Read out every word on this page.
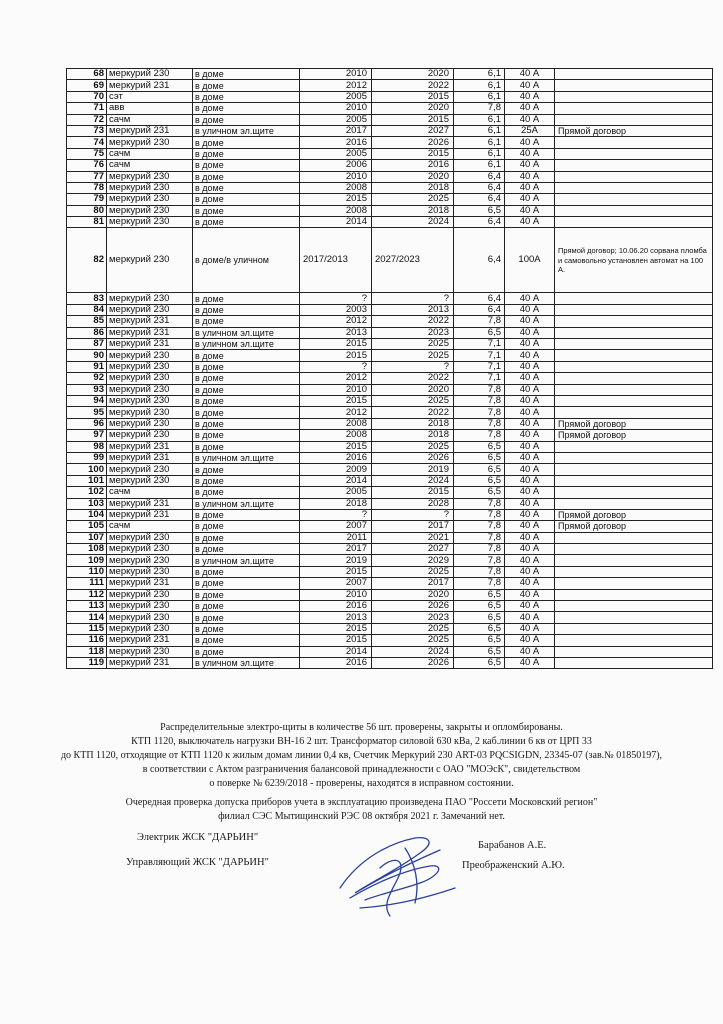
68	меркурий 230	в доме	2010	2020	6,1	40 А	
69	меркурий 231	в доме	2012	2022	6,1	40 А	
70	сэт	в доме	2005	2015	6,1	40 А	
71	авв	в доме	2010	2020	7,8	40 А	
72	сачм	в доме	2005	2015	6,1	40 А	
73	меркурий 231	в уличном эл.щите	2017	2027	6,1	25А	Прямой договор
74	меркурий 230	в доме	2016	2026	6,1	40 А	
75	сачм	в доме	2005	2015	6,1	40 А	
76	сачм	в доме	2006	2016	6,1	40 А	
77	меркурий 230	в доме	2010	2020	6,4	40 А	
78	меркурий 230	в доме	2008	2018	6,4	40 А	
79	меркурий 230	в доме	2015	2025	6,4	40 А	
80	меркурий 230	в доме	2008	2018	6,5	40 А	
81	меркурий 230	в доме	2014	2024	6,4	40 А	
82	меркурий 230	в доме/в уличном	2017/2013	2027/2023	6,4	100А	Прямой договор; 10.06.20 сорвана пломба и самовольно установлен автомат на 100 А.
83	меркурий 230	в доме	?	?	6,4	40 А	
84	меркурий 230	в доме	2003	2013	6,4	40 А	
85	меркурий 231	в доме	2012	2022	7,8	40 А	
86	меркурий 231	в уличном эл.щите	2013	2023	6,5	40 А	
87	меркурий 231	в уличном эл.щите	2015	2025	7,1	40 А	
90	меркурий 230	в доме	2015	2025	7,1	40 А	
91	меркурий 230	в доме	?	?	7,1	40 А	
92	меркурий 230	в доме	2012	2022	7,1	40 А	
93	меркурий 230	в доме	2010	2020	7,8	40 А	
94	меркурий 230	в доме	2015	2025	7,8	40 А	
95	меркурий 230	в доме	2012	2022	7,8	40 А	
96	меркурий 230	в доме	2008	2018	7,8	40 А	Прямой договор
97	меркурий 230	в доме	2008	2018	7,8	40 А	Прямой договор
98	меркурий 231	в доме	2015	2025	6,5	40 А	
99	меркурий 231	в уличном эл.щите	2016	2026	6,5	40 А	
100	меркурий 230	в доме	2009	2019	6,5	40 А	
101	меркурий 230	в доме	2014	2024	6,5	40 А	
102	сачм	в доме	2005	2015	6,5	40 А	
103	меркурий 231	в уличном эл.щите	2018	2028	7,8	40 А	
104	меркурий 231	в доме	?	?	7,8	40 А	Прямой договор
105	сачм	в доме	2007	2017	7,8	40 А	Прямой договор
107	меркурий 230	в доме	2011	2021	7,8	40 А	
108	меркурий 230	в доме	2017	2027	7,8	40 А	
109	меркурий 230	в уличном эл.щите	2019	2029	7,8	40 А	
110	меркурий 230	в доме	2015	2025	7,8	40 А	
111	меркурий 231	в доме	2007	2017	7,8	40 А	
112	меркурий 230	в доме	2010	2020	6,5	40 А	
113	меркурий 230	в доме	2016	2026	6,5	40 А	
114	меркурий 230	в доме	2013	2023	6,5	40 А	
115	меркурий 230	в доме	2015	2025	6,5	40 А	
116	меркурий 231	в доме	2015	2025	6,5	40 А	
118	меркурий 230	в доме	2014	2024	6,5	40 А	
119	меркурий 231	в уличном эл.щите	2016	2026	6,5	40 А	
Распределительные электро-щиты в количестве 56 шт. проверены, закрыты и опломбированы.
КТП 1120, выключатель нагрузки ВН-16 2 шт. Трансформатор силовой 630 кВа, 2 каб.линии 6 кв от ЦРП 33
до КТП 1120, отходящие от КТП 1120 к жилым домам линии 0,4 кв, Счетчик Меркурий 230 ART-03 PQCSIGDN, 23345-07 (зав.№ 01850197),
в соответствии с Актом разграничения балансовой принадлежности с ОАО "МОЭсК", свидетельством
о поверке № 6239/2018 - проверены, находятся в исправном состоянии.
Очередная проверка допуска приборов учета в эксплуатацию произведена ПАО "Россети Московский регион"
филиал СЭС Мытищинский РЭС 08 октября 2021 г. Замечаний нет.
Электрик ЖСК "ДАРЬИН"
Управляющий ЖСК "ДАРЬИН"
Барабанов А.Е.
Преображенский А.Ю.
